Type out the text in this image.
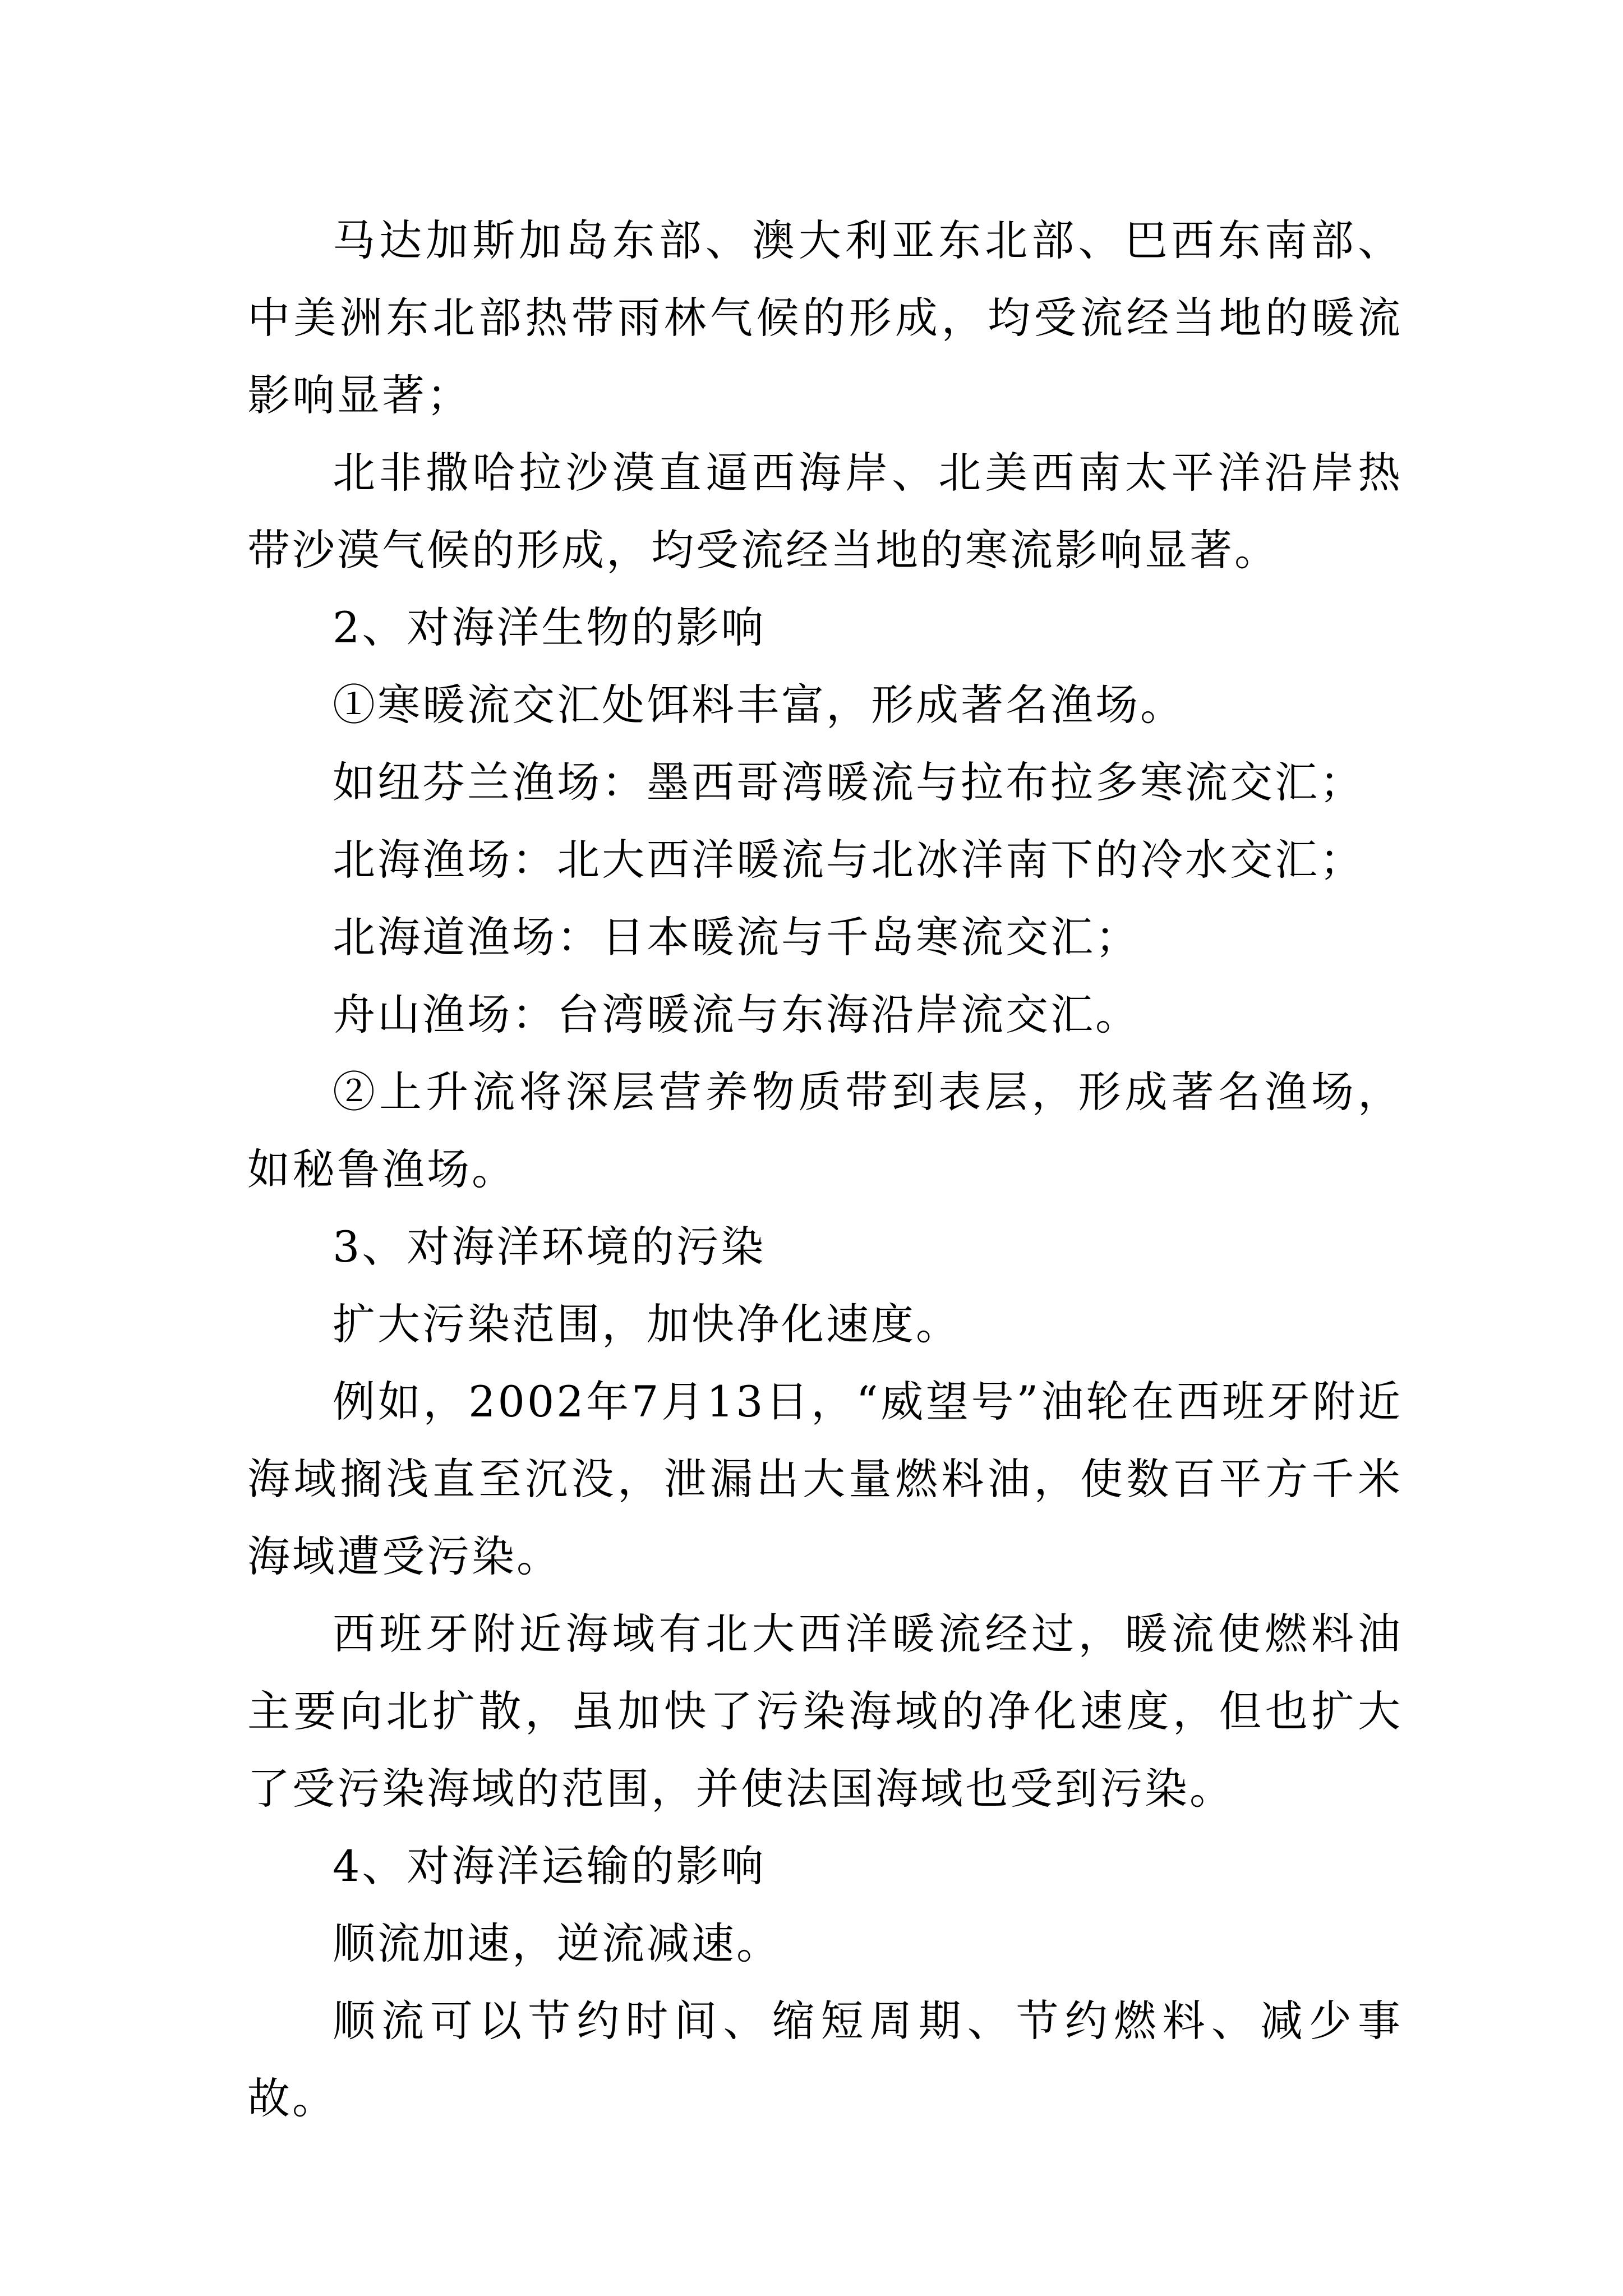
马达加斯加岛东部、澳大利亚东北部、巴西东南部、中美洲东北部热带雨林气候的形成，均受流经当地的暖流影响显著；

北非撒哈拉沙漠直逼西海岸、北美西南太平洋沿岸热带沙漠气候的形成，均受流经当地的寒流影响显著。

2、对海洋生物的影响

①寒暖流交汇处饵料丰富，形成著名渔场。

如纽芬兰渔场：墨西哥湾暖流与拉布拉多寒流交汇；

北海渔场：北大西洋暖流与北冰洋南下的冷水交汇；

北海道渔场：日本暖流与千岛寒流交汇；

舟山渔场：台湾暖流与东海沿岸流交汇。

②上升流将深层营养物质带到表层，形成著名渔场，如秘鲁渔场。

3、对海洋环境的污染

扩大污染范围，加快净化速度。

例如，2002年7月13日，“威望号”油轮在西班牙附近海域搁浅直至沉没，泄漏出大量燃料油，使数百平方千米海域遭受污染。

西班牙附近海域有北大西洋暖流经过，暖流使燃料油主要向北扩散，虽加快了污染海域的净化速度，但也扩大了受污染海域的范围，并使法国海域也受到污染。

4、对海洋运输的影响

顺流加速，逆流减速。

顺流可以节约时间、缩短周期、节约燃料、减少事故。
